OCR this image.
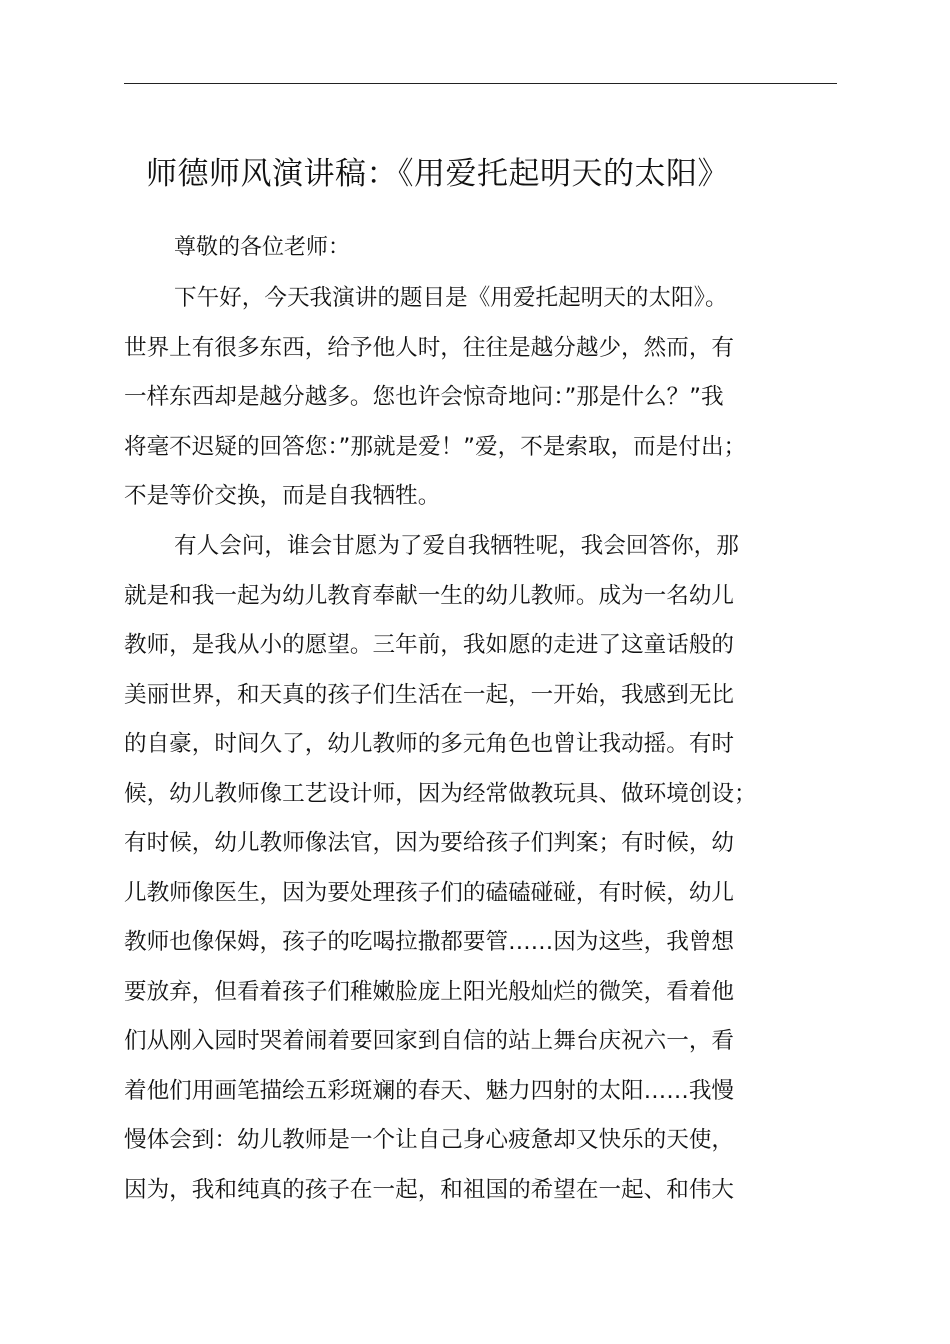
师德师风演讲稿：《用爱托起明天的太阳》
尊敬的各位老师：
下午好，今天我演讲的题目是《用爱托起明天的太阳》。
世界上有很多东西，给予他人时，往往是越分越少，然而，有
一样东西却是越分越多。您也许会惊奇地问：”那是什么？”我
将毫不迟疑的回答您：”那就是爱！”爱，不是索取，而是付出；
不是等价交换，而是自我牺牲。
有人会问，谁会甘愿为了爱自我牺牲呢，我会回答你，那
就是和我一起为幼儿教育奉献一生的幼儿教师。成为一名幼儿
教师，是我从小的愿望。三年前，我如愿的走进了这童话般的
美丽世界，和天真的孩子们生活在一起，一开始，我感到无比
的自豪，时间久了，幼儿教师的多元角色也曾让我动摇。有时
候，幼儿教师像工艺设计师，因为经常做教玩具、做环境创设；
有时候，幼儿教师像法官，因为要给孩子们判案；有时候，幼
儿教师像医生，因为要处理孩子们的磕磕碰碰，有时候，幼儿
教师也像保姆，孩子的吃喝拉撒都要管……因为这些，我曾想
要放弃，但看着孩子们稚嫩脸庞上阳光般灿烂的微笑，看着他
们从刚入园时哭着闹着要回家到自信的站上舞台庆祝六一，看
着他们用画笔描绘五彩斑斓的春天、魅力四射的太阳……我慢
慢体会到：幼儿教师是一个让自己身心疲惫却又快乐的天使，
因为，我和纯真的孩子在一起，和祖国的希望在一起、和伟大
